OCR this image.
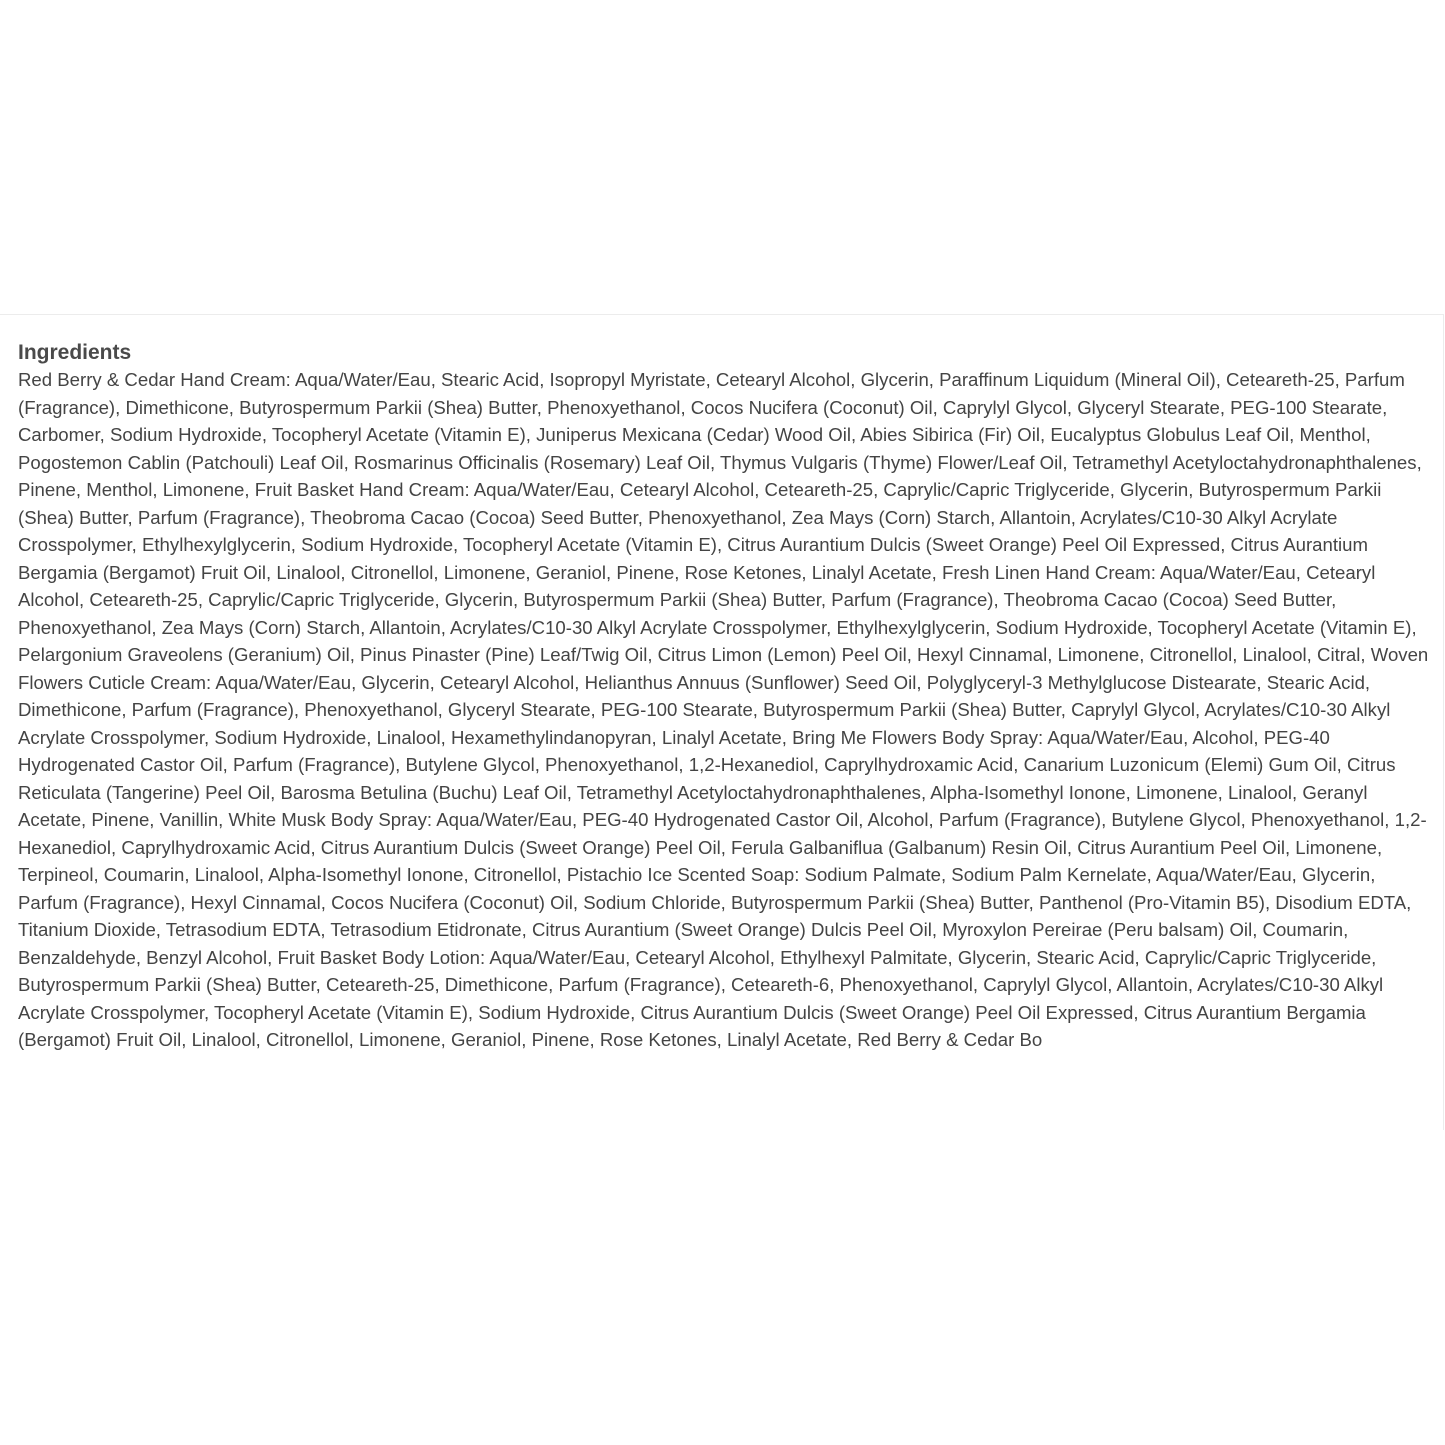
Ingredients

Red Berry & Cedar Hand Cream: Aqua/Water/Eau, Stearic Acid, Isopropyl Myristate, Cetearyl Alcohol, Glycerin, Paraffinum Liquidum (Mineral Oil), Ceteareth-25, Parfum (Fragrance), Dimethicone, Butyrospermum Parkii (Shea) Butter, Phenoxyethanol, Cocos Nucifera (Coconut) Oil, Caprylyl Glycol, Glyceryl Stearate, PEG-100 Stearate, Carbomer, Sodium Hydroxide, Tocopheryl Acetate (Vitamin E), Juniperus Mexicana (Cedar) Wood Oil, Abies Sibirica (Fir) Oil, Eucalyptus Globulus Leaf Oil, Menthol, Pogostemon Cablin (Patchouli) Leaf Oil, Rosmarinus Officinalis (Rosemary) Leaf Oil, Thymus Vulgaris (Thyme) Flower/Leaf Oil, Tetramethyl Acetyloctahydronaphthalenes, Pinene, Menthol, Limonene, Fruit Basket Hand Cream: Aqua/Water/Eau, Cetearyl Alcohol, Ceteareth-25, Caprylic/Capric Triglyceride, Glycerin, Butyrospermum Parkii (Shea) Butter, Parfum (Fragrance), Theobroma Cacao (Cocoa) Seed Butter, Phenoxyethanol, Zea Mays (Corn) Starch, Allantoin, Acrylates/C10-30 Alkyl Acrylate Crosspolymer, Ethylhexylglycerin, Sodium Hydroxide, Tocopheryl Acetate (Vitamin E), Citrus Aurantium Dulcis (Sweet Orange) Peel Oil Expressed, Citrus Aurantium Bergamia (Bergamot) Fruit Oil, Linalool, Citronellol, Limonene, Geraniol, Pinene, Rose Ketones, Linalyl Acetate, Fresh Linen Hand Cream: Aqua/Water/Eau, Cetearyl Alcohol, Ceteareth-25, Caprylic/Capric Triglyceride, Glycerin, Butyrospermum Parkii (Shea) Butter, Parfum (Fragrance), Theobroma Cacao (Cocoa) Seed Butter, Phenoxyethanol, Zea Mays (Corn) Starch, Allantoin, Acrylates/C10-30 Alkyl Acrylate Crosspolymer, Ethylhexylglycerin, Sodium Hydroxide, Tocopheryl Acetate (Vitamin E), Pelargonium Graveolens (Geranium) Oil, Pinus Pinaster (Pine) Leaf/Twig Oil, Citrus Limon (Lemon) Peel Oil, Hexyl Cinnamal, Limonene, Citronellol, Linalool, Citral, Woven Flowers Cuticle Cream: Aqua/Water/Eau, Glycerin, Cetearyl Alcohol, Helianthus Annuus (Sunflower) Seed Oil, Polyglyceryl-3 Methylglucose Distearate, Stearic Acid, Dimethicone, Parfum (Fragrance), Phenoxyethanol, Glyceryl Stearate, PEG-100 Stearate, Butyrospermum Parkii (Shea) Butter, Caprylyl Glycol, Acrylates/C10-30 Alkyl Acrylate Crosspolymer, Sodium Hydroxide, Linalool, Hexamethylindanopyran, Linalyl Acetate, Bring Me Flowers Body Spray: Aqua/Water/Eau, Alcohol, PEG-40 Hydrogenated Castor Oil, Parfum (Fragrance), Butylene Glycol, Phenoxyethanol, 1,2-Hexanediol, Caprylhydroxamic Acid, Canarium Luzonicum (Elemi) Gum Oil, Citrus Reticulata (Tangerine) Peel Oil, Barosma Betulina (Buchu) Leaf Oil, Tetramethyl Acetyloctahydronaphthalenes, Alpha-Isomethyl Ionone, Limonene, Linalool, Geranyl Acetate, Pinene, Vanillin, White Musk Body Spray: Aqua/Water/Eau, PEG-40 Hydrogenated Castor Oil, Alcohol, Parfum (Fragrance), Butylene Glycol, Phenoxyethanol, 1,2-Hexanediol, Caprylhydroxamic Acid, Citrus Aurantium Dulcis (Sweet Orange) Peel Oil, Ferula Galbaniflua (Galbanum) Resin Oil, Citrus Aurantium Peel Oil, Limonene, Terpineol, Coumarin, Linalool, Alpha-Isomethyl Ionone, Citronellol, Pistachio Ice Scented Soap: Sodium Palmate, Sodium Palm Kernelate, Aqua/Water/Eau, Glycerin, Parfum (Fragrance), Hexyl Cinnamal, Cocos Nucifera (Coconut) Oil, Sodium Chloride, Butyrospermum Parkii (Shea) Butter, Panthenol (Pro-Vitamin B5), Disodium EDTA, Titanium Dioxide, Tetrasodium EDTA, Tetrasodium Etidronate, Citrus Aurantium (Sweet Orange) Dulcis Peel Oil, Myroxylon Pereirae (Peru balsam) Oil, Coumarin, Benzaldehyde, Benzyl Alcohol, Fruit Basket Body Lotion: Aqua/Water/Eau, Cetearyl Alcohol, Ethylhexyl Palmitate, Glycerin, Stearic Acid, Caprylic/Capric Triglyceride, Butyrospermum Parkii (Shea) Butter, Ceteareth-25, Dimethicone, Parfum (Fragrance), Ceteareth-6, Phenoxyethanol, Caprylyl Glycol, Allantoin, Acrylates/C10-30 Alkyl Acrylate Crosspolymer, Tocopheryl Acetate (Vitamin E), Sodium Hydroxide, Citrus Aurantium Dulcis (Sweet Orange) Peel Oil Expressed, Citrus Aurantium Bergamia (Bergamot) Fruit Oil, Linalool, Citronellol, Limonene, Geraniol, Pinene, Rose Ketones, Linalyl Acetate, Red Berry & Cedar Bo
